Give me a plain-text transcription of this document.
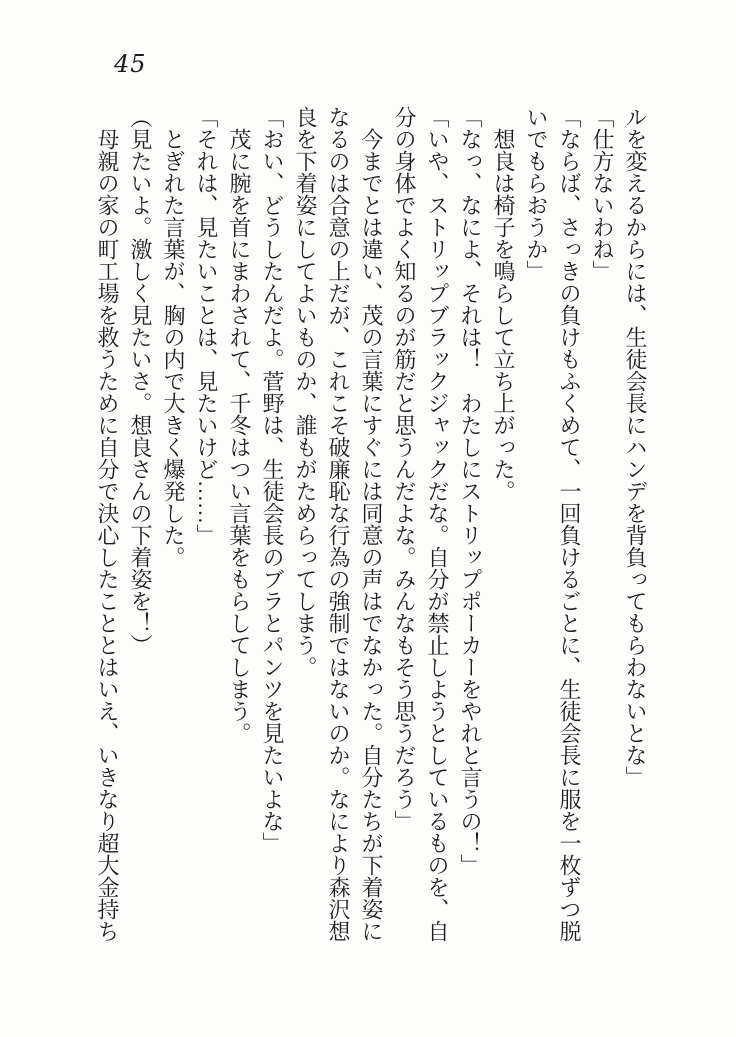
45

ルを変えるからには、生徒会長にハンデを背負ってもらわないとな」

「仕方ないわね」

「ならば、さっきの負けもふくめて、一回負けるごとに、生徒会長に服を一枚ずつ脱いでもらおうか」

　想良は椅子を鳴らして立ち上がった。

「なっ、なによ、それは！　わたしにストリップポーカーをやれと言うの！」

「いや、ストリップブラックジャックだな。自分が禁止しようとしているものを、自分の身体でよく知るのが筋だと思うんだよな。みんなもそう思うだろう」

　今までとは違い、茂の言葉にすぐには同意の声はでなかった。自分たちが下着姿になるのは合意の上だが、これこそ破廉恥な行為の強制ではないのか。なにより森沢想良を下着姿にしてよいものか、誰もがためらってしまう。

「おい、どうしたんだよ。菅野は、生徒会長のブラとパンツを見たいよな」

　茂に腕を首にまわされて、千冬はつい言葉をもらしてしまう。

「それは、見たいことは、見たいけど……」

　とぎれた言葉が、胸の内で大きく爆発した。

（見たいよ。激しく見たいさ。想良さんの下着姿を！）

　母親の家の町工場を救うために自分で決心したこととはいえ、いきなり超大金持ち
